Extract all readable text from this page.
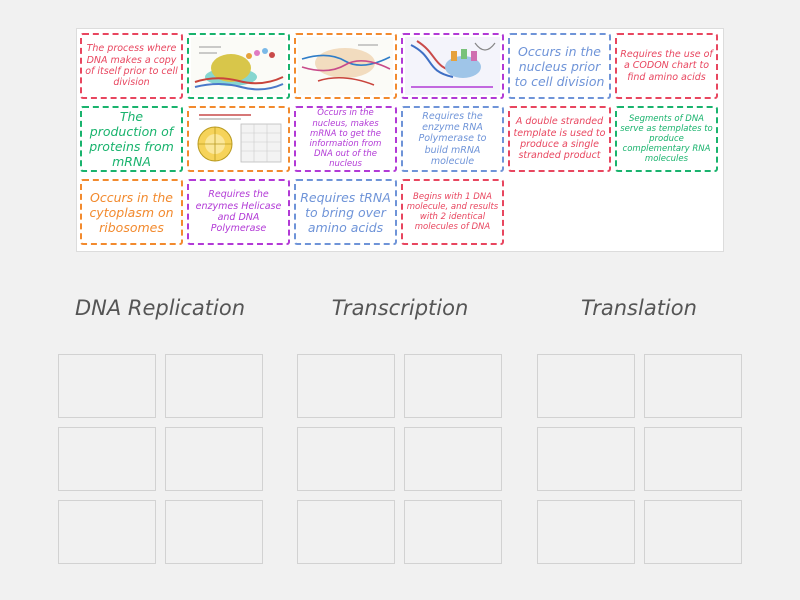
The process where DNA makes a copy of itself prior to cell division
Occurs in the nucleus prior to cell division
Requires the use of a CODON chart to find amino acids
The production of proteins from mRNA
Occurs in the nucleus, makes mRNA to get the information from DNA out of the nucleus
Requires the enzyme RNA Polymerase to build mRNA molecule
A double stranded template is used to produce a single stranded product
Segments of DNA serve as templates to produce complementary RNA molecules
Occurs in the cytoplasm on ribosomes
Requires the enzymes Helicase and DNA Polymerase
Requires tRNA to bring over amino acids
Begins with 1 DNA molecule, and results with 2 identical molecules of DNA
DNA Replication	Transcription	Translation
